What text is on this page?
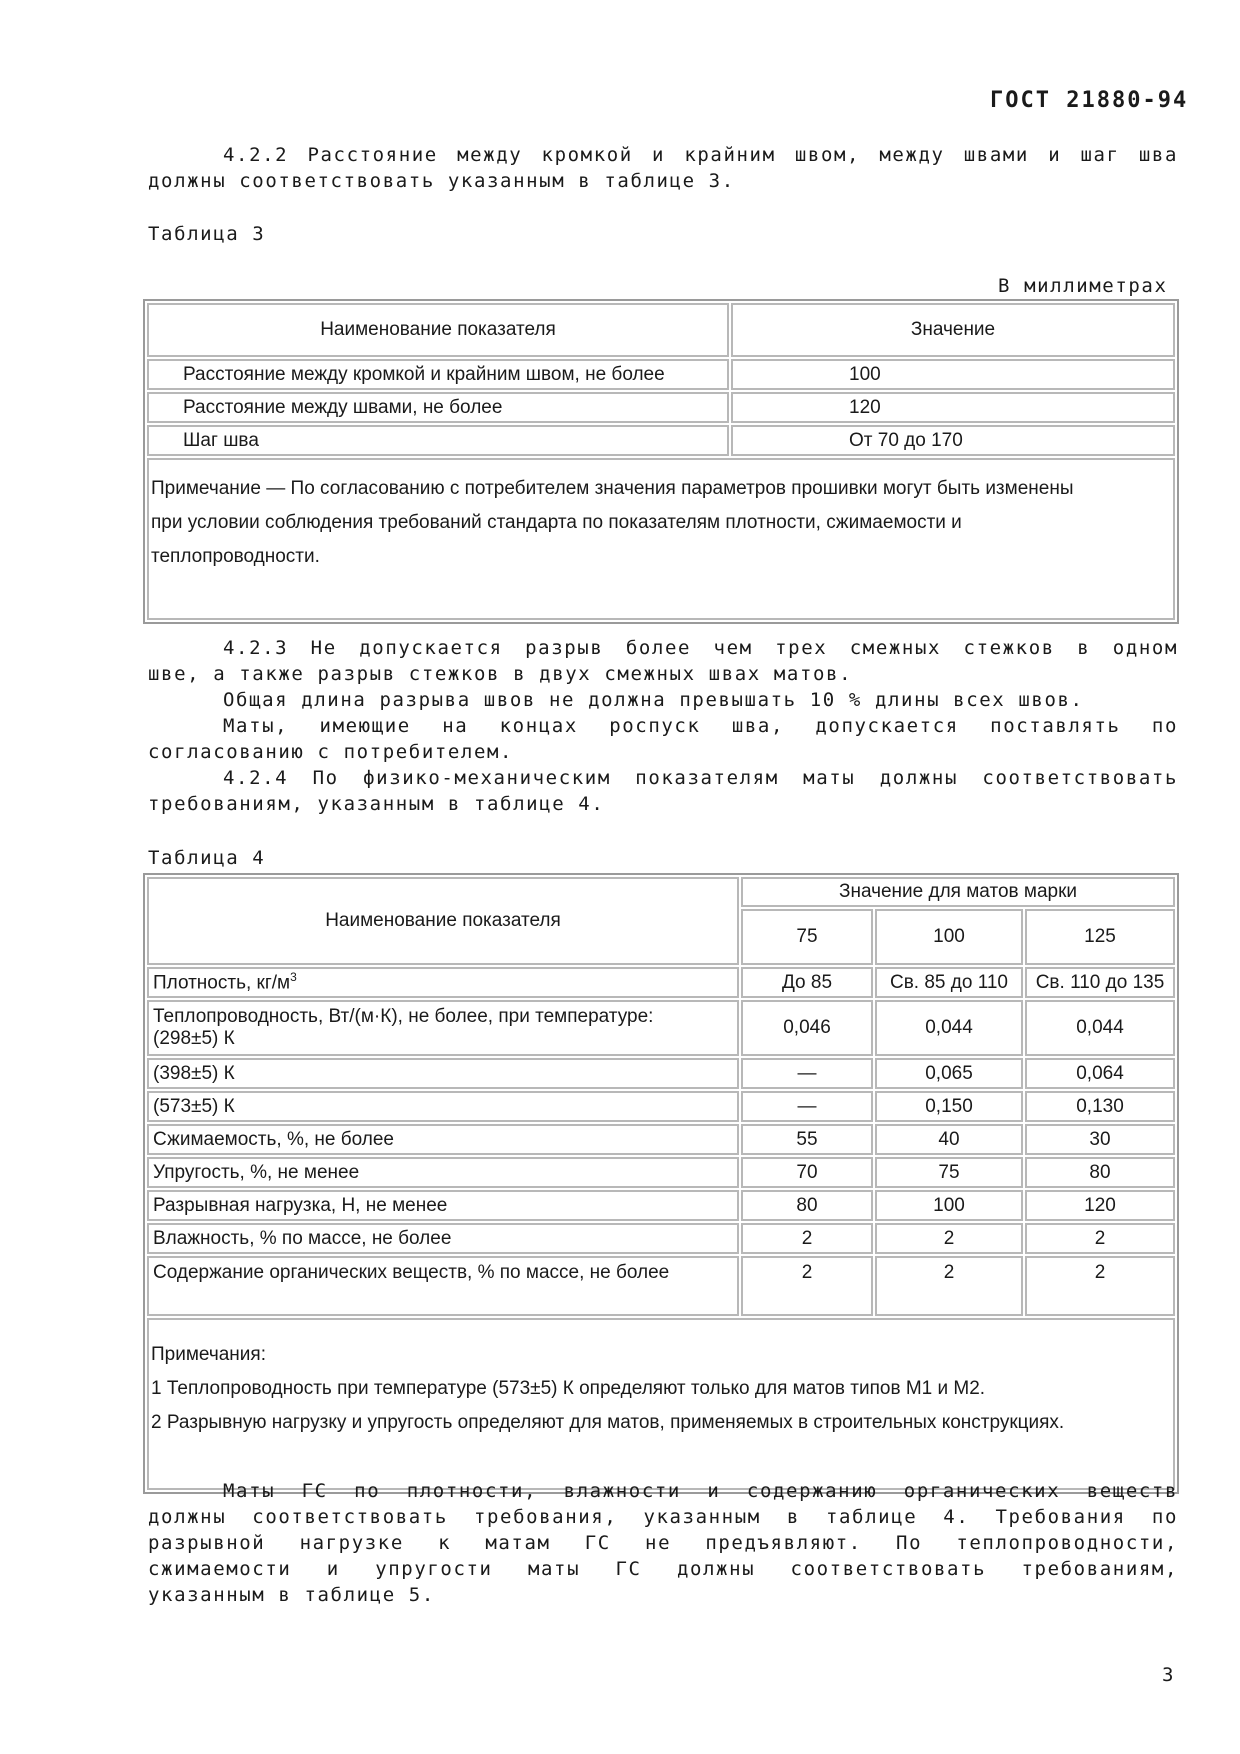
ГОСТ 21880-94
4.2.2 Расстояние между кромкой и крайним швом, между швами и шаг шва
должны соответствовать указанным в таблице 3.
Таблица 3
В миллиметрах
Наименование показателя	Значение
Расстояние между кромкой и крайним швом, не более	100
Расстояние между швами, не более	120
Шаг шва	От 70 до 170

Примечание — По согласованию с потребителем значения параметров прошивки могут быть изменены
при условии соблюдения требований стандарта по показателям плотности, сжимаемости и
теплопроводности.	
4.2.3 Не допускается разрыв более чем трех смежных стежков в одном
шве, а также разрыв стежков в двух смежных швах матов.
Общая длина разрыва швов не должна превышать 10 % длины всех швов.
Маты, имеющие на концах роспуск шва, допускается поставлять по
согласованию с потребителем.
4.2.4 По физико-механическим показателям маты должны соответствовать
требованиям, указанным в таблице 4.
Таблица 4
Наименование показателя	Значение для матов марки		
	75	100	125
Плотность, $кг/м^3$	До 85	Св. 85 до 110	Св. 110 до 135

Теплопроводность, Вт/(м·К), не более, при температуре:
(298±5) К	0,046	0,044	0,044
(398±5) К	—	0,065	0,064
(573±5) К	—	0,150	0,130
Сжимаемость, %, не более	55	40	30
Упругость, %, не менее	70	75	80
Разрывная нагрузка, Н, не менее	80	100	120
Влажность, % по массе, не более	2	2	2
Содержание органических веществ, % по массе, не более	2	2	2

Примечания:
1 Теплопроводность при температуре (573±5) К определяют только для матов типов М1 и М2.
2 Разрывную нагрузку и упругость определяют для матов, применяемых в строительных конструкциях.			
Маты ГС по плотности, влажности и содержанию органических веществ
должны соответствовать требования, указанным в таблице 4. Требования по
разрывной нагрузке к матам ГС не предъявляют. По теплопроводности,
сжимаемости и упругости маты ГС должны соответствовать требованиям,
указанным в таблице 5.
3
